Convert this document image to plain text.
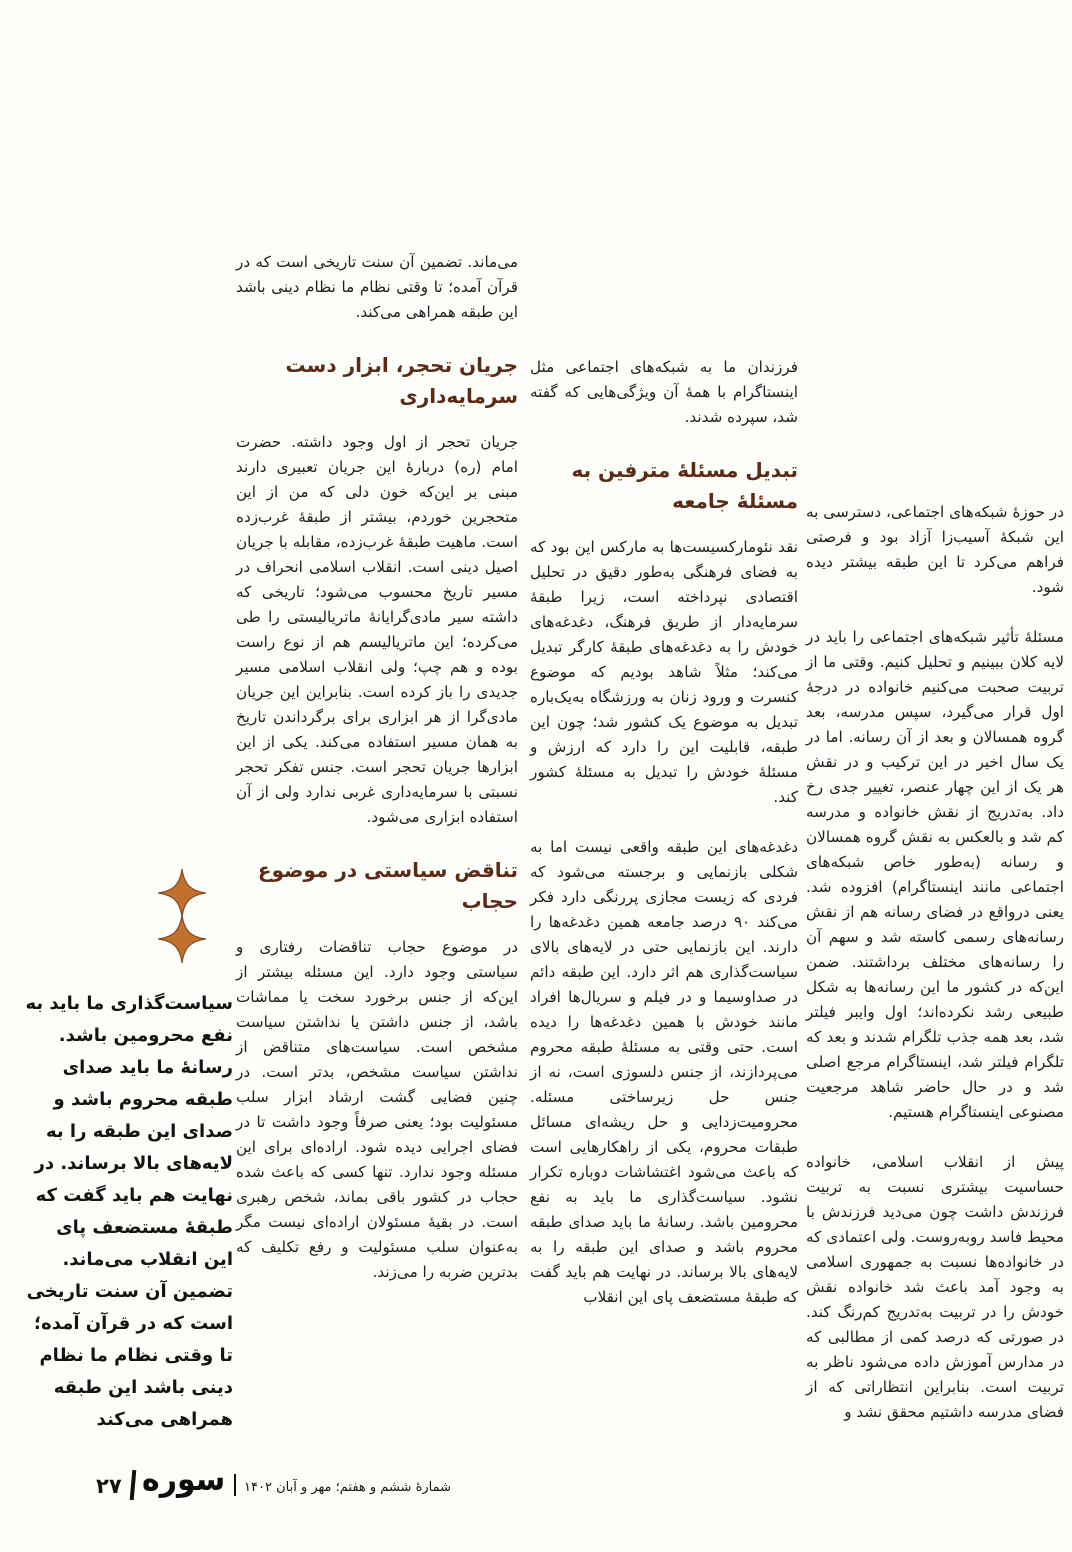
در حوزهٔ شبکه‌های اجتماعی، دسترسی به این شبکهٔ آسیب‌زا آزاد بود و فرصتی فراهم می‌کرد تا این طبقه بیشتر دیده شود.

مسئلهٔ تأثیر شبکه‌های اجتماعی را باید در لایه کلان ببینیم و تحلیل کنیم. وقتی ما از تربیت صحبت می‌کنیم خانواده در درجهٔ اول قرار می‌گیرد، سپس مدرسه، بعد گروه همسالان و بعد از آن رسانه. اما در یک سال اخیر در این ترکیب و در نقش هر یک از این چهار عنصر، تغییر جدی رخ داد. به‌تدریج از نقش خانواده و مدرسه کم شد و بالعکس به نقش گروه همسالان و رسانه (به‌طور خاص شبکه‌های اجتماعی مانند اینستاگرام) افزوده شد. یعنی درواقع در فضای رسانه هم از نقش رسانه‌های رسمی کاسته شد و سهم آن را رسانه‌های مختلف برداشتند. ضمن این‌که در کشور ما این رسانه‌ها به شکل طبیعی رشد نکرده‌اند؛ اول وایبر فیلتر شد، بعد همه جذب تلگرام شدند و بعد که تلگرام فیلتر شد، اینستاگرام مرجع اصلی شد و در حال حاضر شاهد مرجعیت مصنوعی اینستاگرام هستیم.

پیش از انقلاب اسلامی، خانواده حساسیت بیشتری نسبت به تربیت فرزندش داشت چون می‌دید فرزندش با محیط فاسد روبه‌روست. ولی اعتمادی که در خانواده‌ها نسبت به جمهوری اسلامی به وجود آمد باعث شد خانواده نقش خودش را در تربیت به‌تدریج کم‌رنگ کند. در صورتی که درصد کمی از مطالبی که در مدارس آموزش داده می‌شود ناظر به تربیت است. بنابراین انتظاراتی که از فضای مدرسه داشتیم محقق نشد و

فرزندان ما به شبکه‌های اجتماعی مثل اینستاگرام با همهٔ آن ویژگی‌هایی که گفته شد، سپرده شدند.

تبدیل مسئلهٔ مترفین به مسئلهٔ جامعه

نقد نئومارکسیست‌ها به مارکس این بود که به فضای فرهنگی به‌طور دقیق در تحلیل اقتصادی نپرداخته است، زیرا طبقهٔ سرمایه‌دار از طریق فرهنگ، دغدغه‌های خودش را به دغدغه‌های طبقهٔ کارگر تبدیل می‌کند؛ مثلاً شاهد بودیم که موضوع کنسرت و ورود زنان به ورزشگاه به‌یک‌باره تبدیل به موضوع یک کشور شد؛ چون این طبقه، قابلیت این را دارد که ارزش و مسئلهٔ خودش را تبدیل به مسئلهٔ کشور کند.

دغدغه‌های این طبقه واقعی نیست اما به شکلی بازنمایی و برجسته می‌شود که فردی که زیست مجازی پررنگی دارد فکر می‌کند ۹۰ درصد جامعه همین دغدغه‌ها را دارند. این بازنمایی حتی در لایه‌های بالای سیاست‌گذاری هم اثر دارد. این طبقه دائم در صداوسیما و در فیلم و سریال‌ها افراد مانند خودش با همین دغدغه‌ها را دیده است. حتی وقتی به مسئلهٔ طبقه محروم می‌پردازند، از جنس دلسوزی است، نه از جنس حل زیرساختی مسئله. محرومیت‌زدایی و حل ریشه‌ای مسائل طبقات محروم، یکی از راهکارهایی است که باعث می‌شود اغتشاشات دوباره تکرار نشود. سیاست‌گذاری ما باید به نفع محرومین باشد. رسانهٔ ما باید صدای طبقه محروم باشد و صدای این طبقه را به لایه‌های بالا برساند. در نهایت هم باید گفت که طبقهٔ مستضعف پای این انقلاب

می‌ماند. تضمین آن سنت تاریخی است که در قرآن آمده؛ تا وقتی نظام ما نظام دینی باشد این طبقه همراهی می‌کند.

جریان تحجر، ابزار دست سرمایه‌داری

جریان تحجر از اول وجود داشته. حضرت امام (ره) دربارهٔ این جریان تعبیری دارند مبنی بر این‌که خون دلی که من از این متحجرین خوردم، بیشتر از طبقهٔ غرب‌زده است. ماهیت طبقهٔ غرب‌زده، مقابله با جریان اصیل دینی است. انقلاب اسلامی انحراف در مسیر تاریخ محسوب می‌شود؛ تاریخی که داشته سیر مادی‌گرایانهٔ ماتریالیستی را طی می‌کرده؛ این ماتریالیسم هم از نوع راست بوده و هم چپ؛ ولی انقلاب اسلامی مسیر جدیدی را باز کرده است. بنابراین این جریان مادی‌گرا از هر ابزاری برای برگرداندن تاریخ به همان مسیر استفاده می‌کند. یکی از این ابزارها جریان تحجر است. جنس تفکر تحجر نسبتی با سرمایه‌داری غربی ندارد ولی از آن استفاده ابزاری می‌شود.

تناقض سیاستی در موضوع حجاب

در موضوع حجاب تناقضات رفتاری و سیاستی وجود دارد. این مسئله بیشتر از این‌که از جنس برخورد سخت یا مماشات باشد، از جنس داشتن یا نداشتن سیاست مشخص است. سیاست‌های متناقض از نداشتن سیاست مشخص، بدتر است. در چنین فضایی گشت ارشاد ابزار سلب مسئولیت بود؛ یعنی صرفاً وجود داشت تا در فضای اجرایی دیده شود. اراده‌ای برای این مسئله وجود ندارد. تنها کسی که باعث شده حجاب در کشور باقی بماند، شخص رهبری است. در بقیهٔ مسئولان اراده‌ای نیست مگر به‌عنوان سلب مسئولیت و رفع تکلیف که بدترین ضربه را می‌زند.

سیاست‌گذاری ما باید به نفع محرومین باشد. رسانهٔ ما باید صدای طبقه محروم باشد و صدای این طبقه را به لایه‌های بالا برساند. در نهایت هم باید گفت که طبقهٔ مستضعف پای این انقلاب می‌ماند. تضمین آن سنت تاریخی است که در قرآن آمده؛ تا وقتی نظام ما نظام دینی باشد این طبقه همراهی می‌کند
۲۷ سوره شمارهٔ ششم و هفتم؛ مهر و آبان ۱۴۰۲
